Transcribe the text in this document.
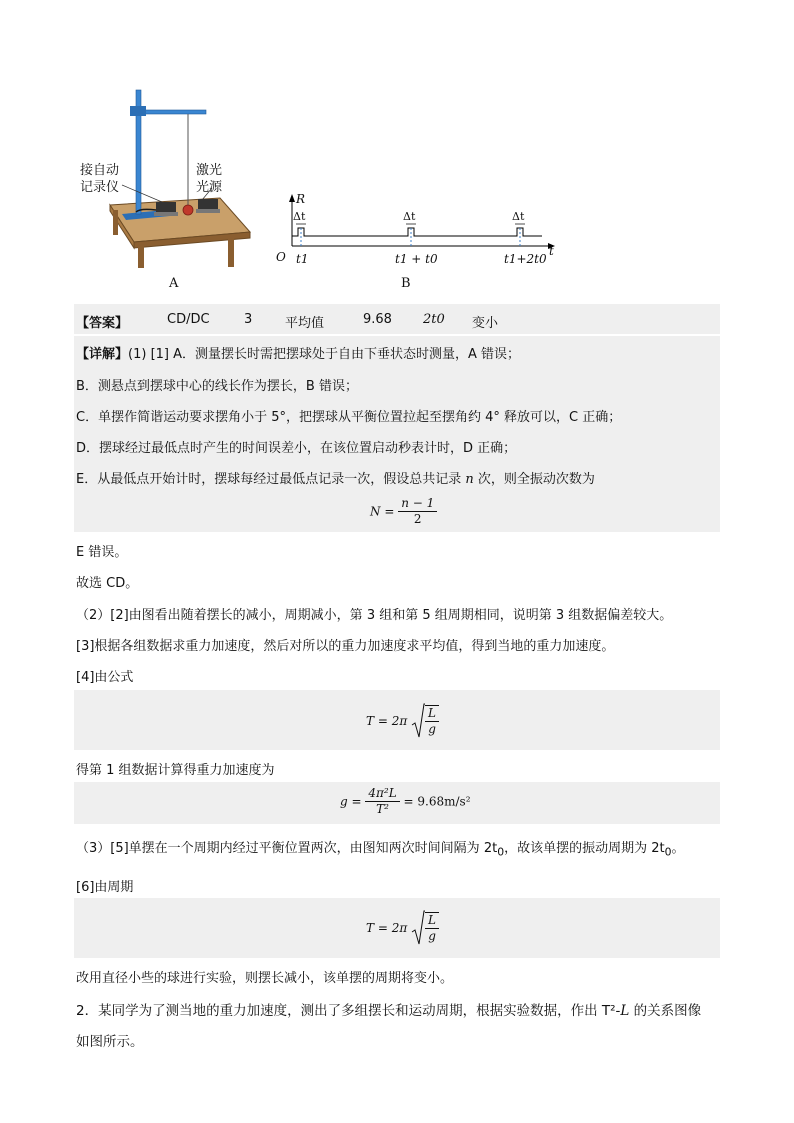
接自动
记录仪
激光
光源
A
R
t
O
Δt	Δt	Δt
t1	t1 + t0	t1+2t0
B
【答案】	CD/DC	3	平均值	9.68 2t0 变小
【详解】(1) [1] A．测量摆长时需把摆球处于自由下垂状态时测量，A 错误；
B．测悬点到摆球中心的线长作为摆长，B 错误；
C．单摆作简谐运动要求摆角小于 5°，把摆球从平衡位置拉起至摆角约 4° 释放可以，C 正确；
D．摆球经过最低点时产生的时间误差小，在该位置启动秒表计时，D 正确；
E．从最低点开始计时，摆球每经过最低点记录一次，假设总共记录 n 次，则全振动次数为
$N = \frac{n - 1}{2}$
E 错误。
故选 CD。
（2）[2]由图看出随着摆长的减小，周期减小，第 3 组和第 5 组周期相同，说明第 3 组数据偏差较大。
[3]根据各组数据求重力加速度，然后对所以的重力加速度求平均值，得到当地的重力加速度。
[4]由公式
$T = 2\pi \frac{L}{g}$
得第 1 组数据计算得重力加速度为
$g = \frac{\text{4π²L}}{\text{T²}} = 9.68m/s^2$
（3）[5]单摆在一个周期内经过平衡位置两次，由图知两次时间间隔为 $2t_0$，故该单摆的振动周期为 $2t_0$。
[6]由周期
$T = 2\pi \frac{L}{g}$
改用直径小些的球进行实验，则摆长减小，该单摆的周期将变小。
2．某同学为了测当地的重力加速度，测出了多组摆长和运动周期，根据实验数据，作出 T²-L 的关系图像
如图所示。
